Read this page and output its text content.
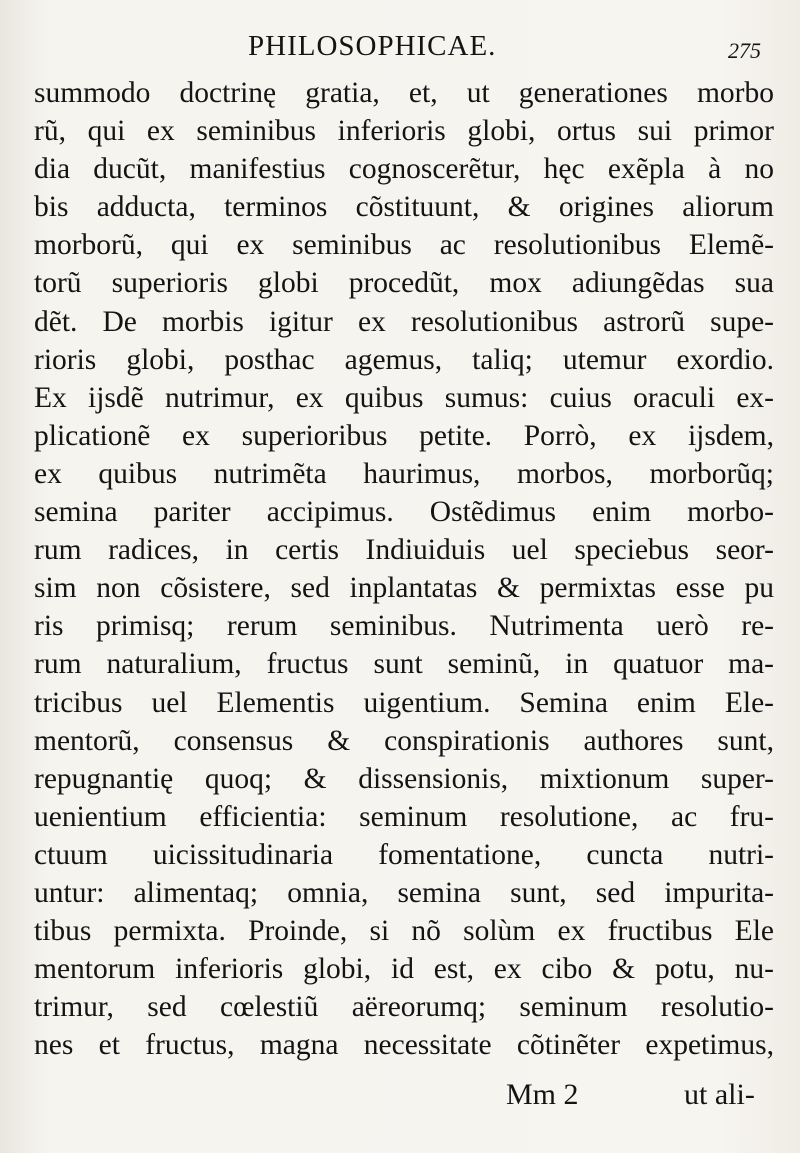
PHILOSOPHICAE.	275
summodo doctrinę gratia, et, ut generationes morbo
rũ, qui ex seminibus inferioris globi, ortus sui primor
dia ducũt, manifestius cognoscerẽtur, hęc exẽpla à no
bis adducta, terminos cõstituunt, & origines aliorum
morborũ, qui ex seminibus ac resolutionibus Elemẽ-
torũ superioris globi procedũt, mox adiungẽdas sua
dẽt. De morbis igitur ex resolutionibus astrorũ supe-
rioris globi, posthac agemus, taliq; utemur exordio.
Ex ijsdẽ nutrimur, ex quibus sumus: cuius oraculi ex-
plicationẽ ex superioribus petite. Porrò, ex ijsdem,
ex quibus nutrimẽta haurimus, morbos, morborũq;
semina pariter accipimus. Ostẽdimus enim morbo-
rum radices, in certis Indiuiduis uel speciebus seor-
sim non cõsistere, sed inplantatas & permixtas esse pu
ris primisq; rerum seminibus. Nutrimenta uerò re-
rum naturalium, fructus sunt seminũ, in quatuor ma-
tricibus uel Elementis uigentium. Semina enim Ele-
mentorũ, consensus & conspirationis authores sunt,
repugnantię quoq; & dissensionis, mixtionum super-
uenientium efficientia: seminum resolutione, ac fru-
ctuum uicissitudinaria fomentatione, cuncta nutri-
untur: alimentaq; omnia, semina sunt, sed impurita-
tibus permixta. Proinde, si nõ solùm ex fructibus Ele
mentorum inferioris globi, id est, ex cibo & potu, nu-
trimur, sed cœlestiũ aëreorumq; seminum resolutio-
nes et fructus, magna necessitate cõtinẽter expetimus,
Mm 2	ut ali-
